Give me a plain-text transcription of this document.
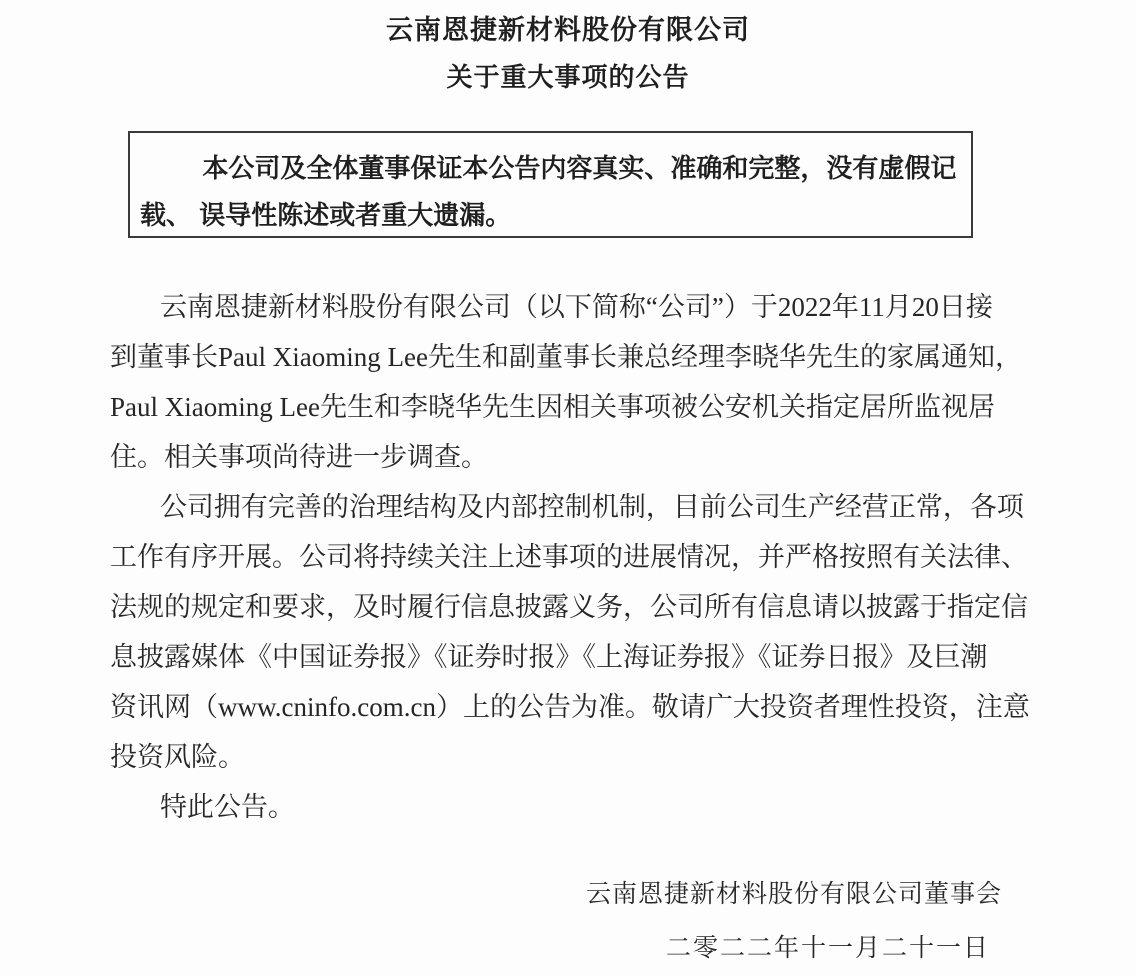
云南恩捷新材料股份有限公司
关于重大事项的公告
本公司及全体董事保证本公告内容真实、准确和完整，没有虚假记
载、 误导性陈述或者重大遗漏。
云南恩捷新材料股份有限公司（以下简称“公司”）于2022年11月20日接
到董事长Paul Xiaoming Lee先生和副董事长兼总经理李晓华先生的家属通知，
Paul Xiaoming Lee先生和李晓华先生因相关事项被公安机关指定居所监视居
住。相关事项尚待进一步调查。
公司拥有完善的治理结构及内部控制机制，目前公司生产经营正常，各项
工作有序开展。公司将持续关注上述事项的进展情况，并严格按照有关法律、
法规的规定和要求，及时履行信息披露义务，公司所有信息请以披露于指定信
息披露媒体《中国证券报》《证券时报》《上海证券报》《证券日报》及巨潮
资讯网（www.cninfo.com.cn）上的公告为准。敬请广大投资者理性投资，注意
投资风险。
特此公告。
云南恩捷新材料股份有限公司董事会
二零二二年十一月二十一日
